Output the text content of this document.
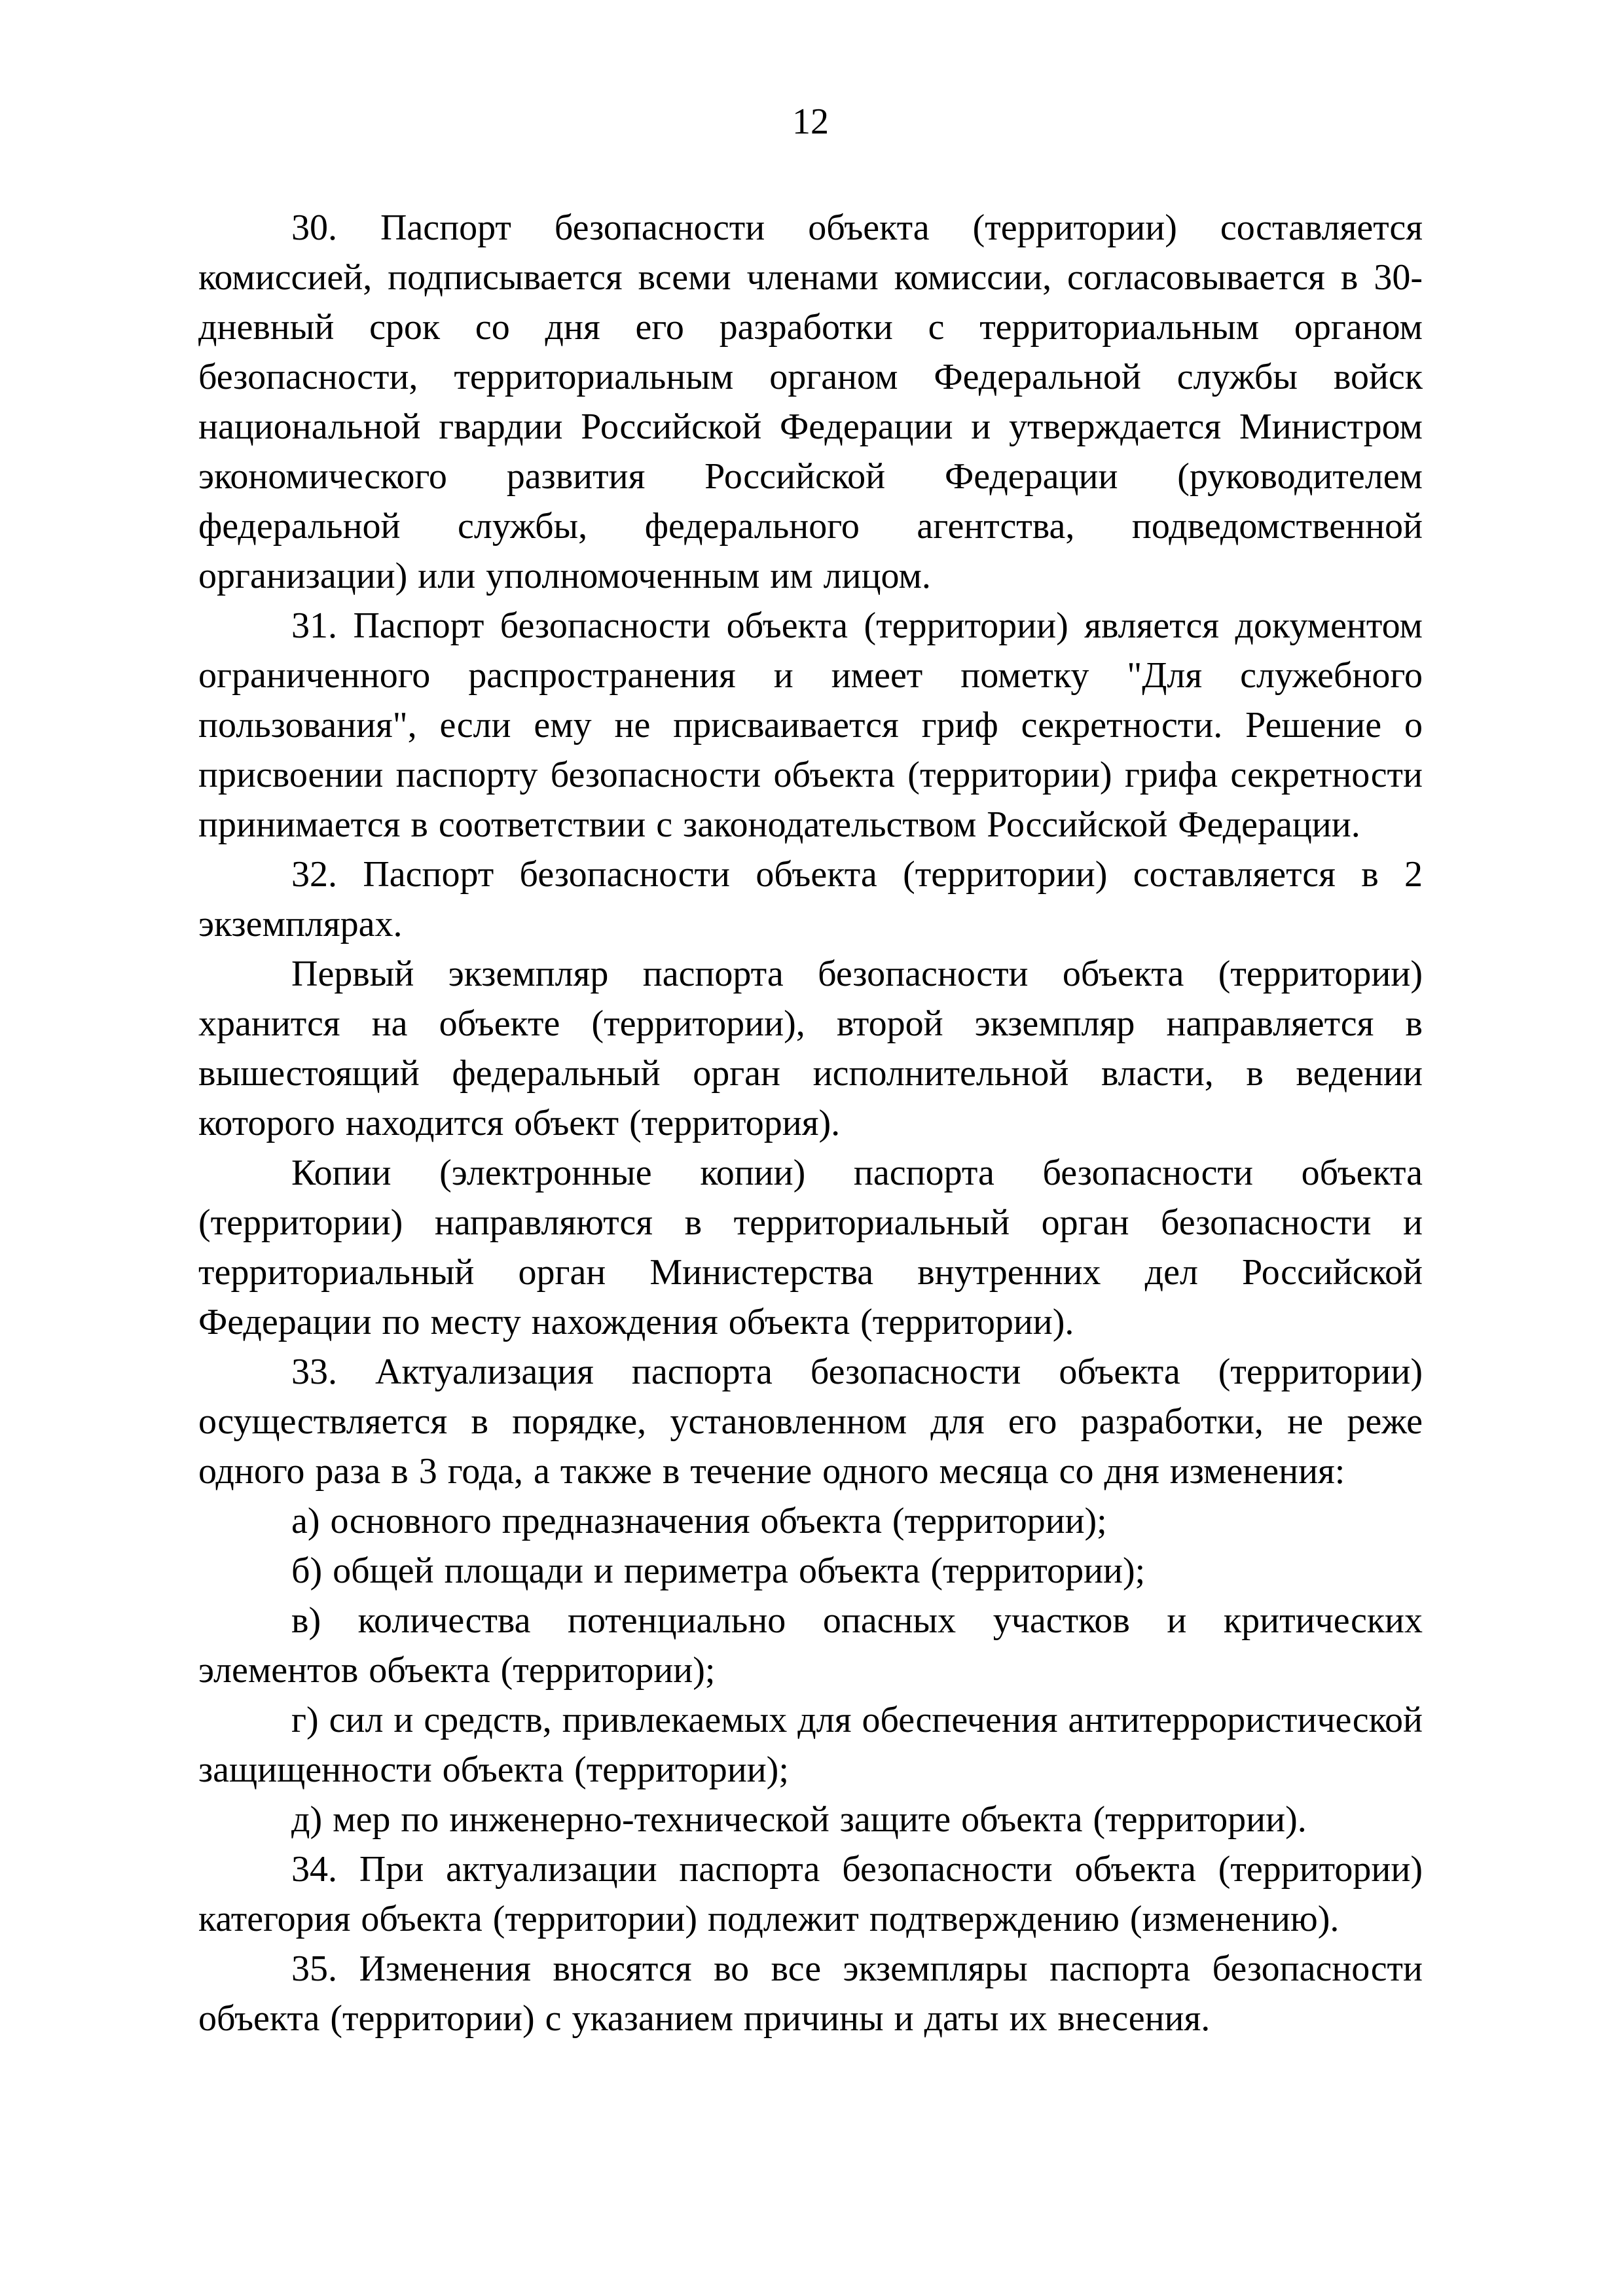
12

30. Паспорт безопасности объекта (территории) составляется комиссией, подписывается всеми членами комиссии, согласовывается в 30-дневный срок со дня его разработки с территориальным органом безопасности, территориальным органом Федеральной службы войск национальной гвардии Российской Федерации и утверждается Министром экономического развития Российской Федерации (руководителем федеральной службы, федерального агентства, подведомственной организации) или уполномоченным им лицом.

31. Паспорт безопасности объекта (территории) является документом ограниченного распространения и имеет пометку "Для служебного пользования", если ему не присваивается гриф секретности. Решение о присвоении паспорту безопасности объекта (территории) грифа секретности принимается в соответствии с законодательством Российской Федерации.

32. Паспорт безопасности объекта (территории) составляется в 2 экземплярах.

Первый экземпляр паспорта безопасности объекта (территории) хранится на объекте (территории), второй экземпляр направляется в вышестоящий федеральный орган исполнительной власти, в ведении которого находится объект (территория).

Копии (электронные копии) паспорта безопасности объекта (территории) направляются в территориальный орган безопасности и территориальный орган Министерства внутренних дел Российской Федерации по месту нахождения объекта (территории).

33. Актуализация паспорта безопасности объекта (территории) осуществляется в порядке, установленном для его разработки, не реже одного раза в 3 года, а также в течение одного месяца со дня изменения:

а) основного предназначения объекта (территории);

б) общей площади и периметра объекта (территории);

в) количества потенциально опасных участков и критических элементов объекта (территории);

г) сил и средств, привлекаемых для обеспечения антитеррористической защищенности объекта (территории);

д) мер по инженерно-технической защите объекта (территории).

34. При актуализации паспорта безопасности объекта (территории) категория объекта (территории) подлежит подтверждению (изменению).

35. Изменения вносятся во все экземпляры паспорта безопасности объекта (территории) с указанием причины и даты их внесения.
